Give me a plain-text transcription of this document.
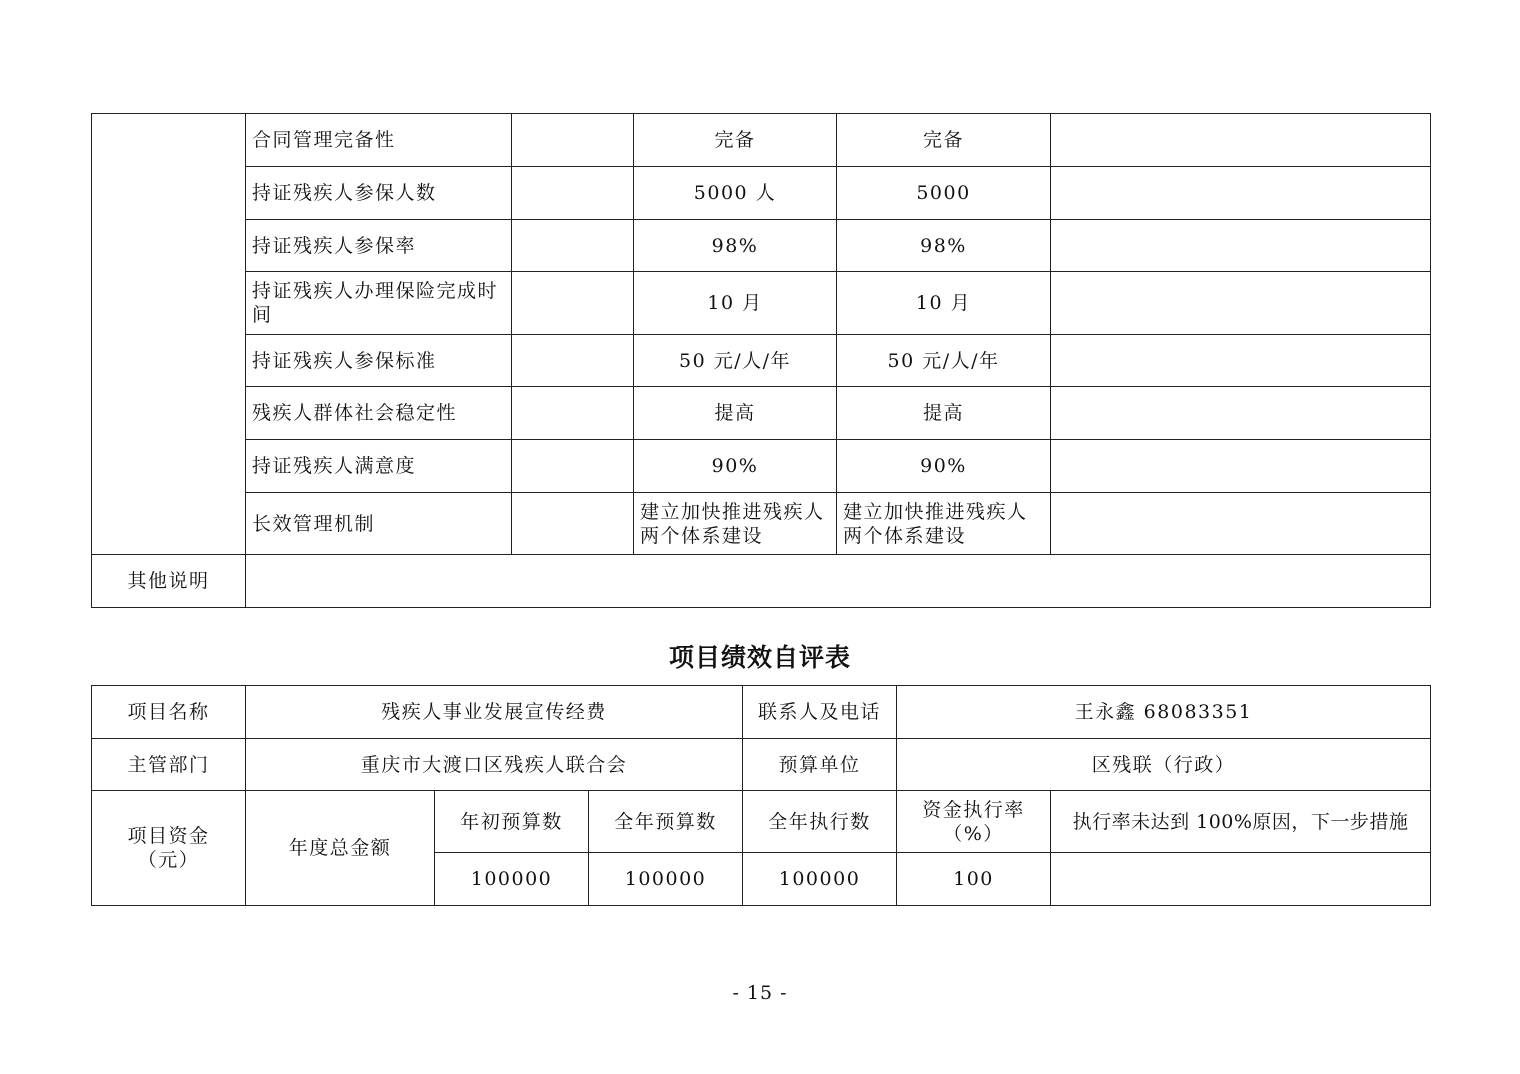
	合同管理完备性		完备	完备	
	持证残疾人参保人数		5000 人	5000	
	持证残疾人参保率		98%	98%	
	持证残疾人办理保险完成时间		10 月	10 月	
	持证残疾人参保标准		50 元/人/年	50 元/人/年	
	残疾人群体社会稳定性		提高	提高	
	持证残疾人满意度		90%	90%	
	长效管理机制		建立加快推进残疾人两个体系建设	建立加快推进残疾人两个体系建设	
其他说明					
项目绩效自评表
项目名称	残疾人事业发展宣传经费			联系人及电话	王永鑫 68083351	
主管部门	重庆市大渡口区残疾人联合会			预算单位	区残联（行政）	
项目资金（元）	年度总金额	年初预算数	全年预算数	全年执行数	资金执行率（%）	执行率未达到 100%原因，下一步措施
		100000	100000	100000	100	
- 15 -
